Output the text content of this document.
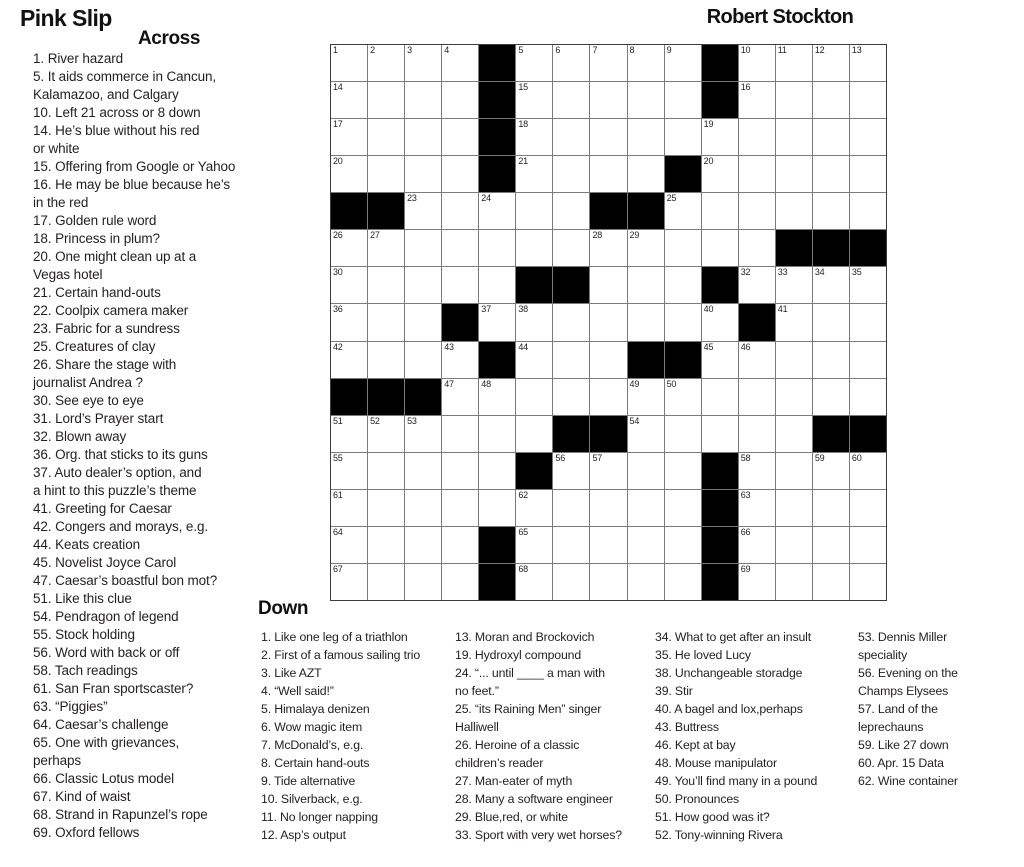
Pink Slip	Robert Stockton
Across
1. River hazard
5. It aids commerce in Cancun,
Kalamazoo, and Calgary
10. Left 21 across or 8 down
14. He’s blue without his red
or white
15. Offering from Google or Yahoo
16. He may be blue because he’s
in the red
17. Golden rule word
18. Princess in plum?
20. One might clean up at a
Vegas hotel
21. Certain hand-outs
22. Coolpix camera maker
23. Fabric for a sundress
25. Creatures of clay
26. Share the stage with
journalist Andrea ?
30. See eye to eye
31. Lord’s Prayer start
32. Blown away
36. Org. that sticks to its guns
37. Auto dealer’s option, and
a hint to this puzzle’s theme
41. Greeting for Caesar
42. Congers and morays, e.g.
44. Keats creation
45. Novelist Joyce Carol
47. Caesar’s boastful bon mot?
51. Like this clue
54. Pendragon of legend
55. Stock holding
56. Word with back or off
58. Tach readings
61. San Fran sportscaster?
63. “Piggies”
64. Caesar’s challenge
65. One with grievances,
perhaps
66. Classic Lotus model
67. Kind of waist
68. Strand in Rapunzel’s rope
69. Oxford fellows
1	2	3	4	5	6	7	8	9	10	11	12	13
14	15	16
17	18	19
20	21	20
23	24	25
26	27	28	29
30	32	33	34	35
36	37	38	40	41
42	43	44	45	46
47	48	49	50
51	52	53	54
55	56	57	58	59	60
61	62	63
64	65	66
67	68	69
Down
1. Like one leg of a triathlon
2. First of a famous sailing trio
3. Like AZT
4. “Well said!”
5. Himalaya denizen
6. Wow magic item
7. McDonald’s, e.g.
8. Certain hand-outs
9. Tide alternative
10. Silverback, e.g.
11. No longer napping
12. Asp’s output
13. Moran and Brockovich
19. Hydroxyl compound
24. “... until ____ a man with
no feet.”
25. “its Raining Men” singer
Halliwell
26. Heroine of a classic
children’s reader
27. Man-eater of myth
28. Many a software engineer
29. Blue,red, or white
33. Sport with very wet horses?
34. What to get after an insult
35. He loved Lucy
38. Unchangeable storadge
39. Stir
40. A bagel and lox,perhaps
43. Buttress
46. Kept at bay
48. Mouse manipulator
49. You’ll find many in a pound
50. Pronounces
51. How good was it?
52. Tony-winning Rivera
53. Dennis Miller
speciality
56. Evening on the
Champs Elysees
57. Land of the
leprechauns
59. Like 27 down
60. Apr. 15 Data
62. Wine container
